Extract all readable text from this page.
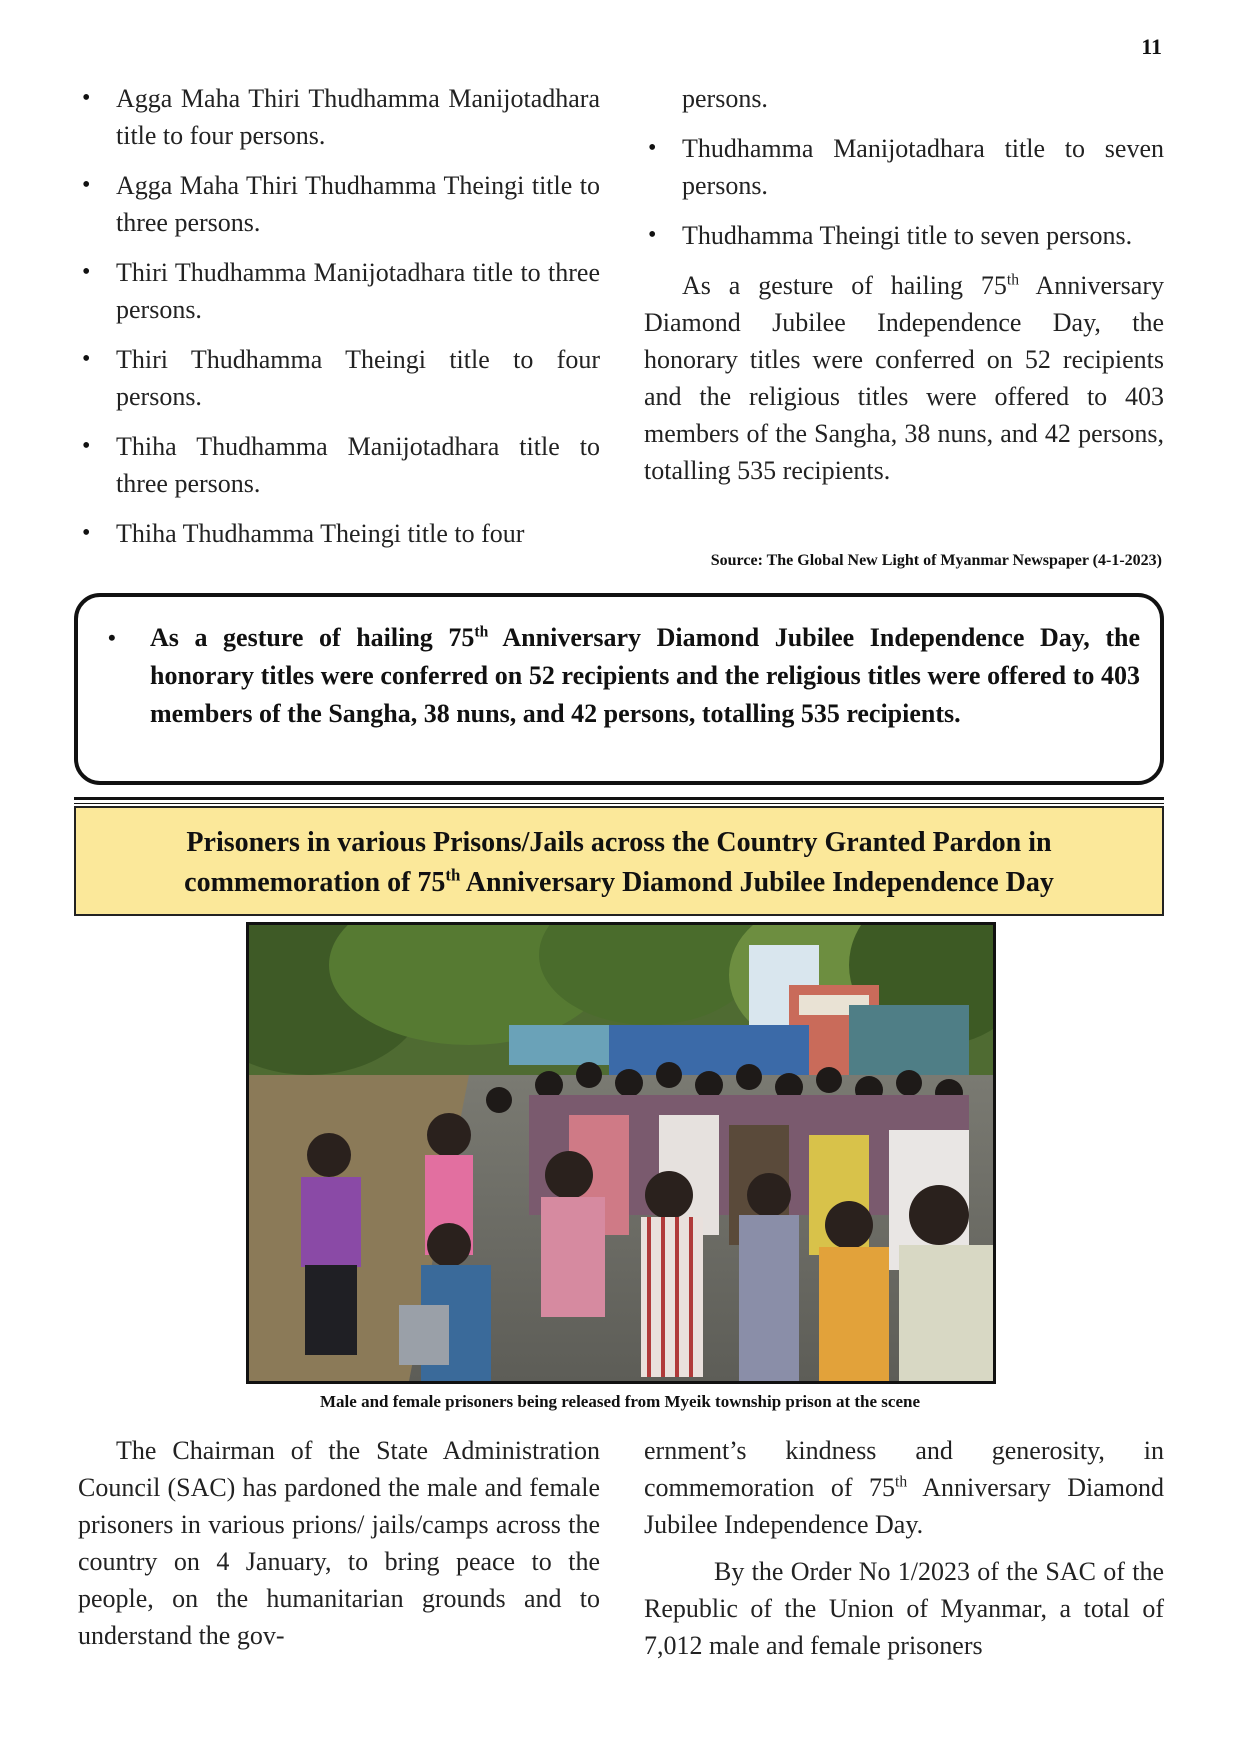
11
• Agga Maha Thiri Thudhamma Manijotadhara title to four persons.
• Agga Maha Thiri Thudhamma Theingi title to three persons.
• Thiri Thudhamma Manijotadhara title to three persons.
• Thiri Thudhamma Theingi title to four persons.
• Thiha Thudhamma Manijotadhara title to three persons.
• Thiha Thudhamma Theingi title to four
persons.
• Thudhamma Manijotadhara title to seven persons.
• Thudhamma Theingi title to seven persons.

As a gesture of hailing 75th Anniversary Diamond Jubilee Independence Day, the honorary titles were conferred on 52 recipients and the religious titles were offered to 403 members of the Sangha, 38 nuns, and 42 persons, totalling 535 recipients.

Source: The Global New Light of Myanmar Newspaper (4-1-2023)
• As a gesture of hailing 75th Anniversary Diamond Jubilee Independence Day, the honorary titles were conferred on 52 recipients and the religious titles were offered to 403 members of the Sangha, 38 nuns, and 42 persons, totalling 535 recipients.
Prisoners in various Prisons/Jails across the Country Granted Pardon in
commemoration of 75th Anniversary Diamond Jubilee Independence Day
Male and female prisoners being released from Myeik township prison at the scene

The Chairman of the State Administration Council (SAC) has pardoned the male and female prisoners in various prions/ jails/camps across the country on 4 January, to bring peace to the people, on the humanitarian grounds and to understand the gov-

ernment’s kindness and generosity, in commemoration of 75th Anniversary Diamond Jubilee Independence Day.

By the Order No 1/2023 of the SAC of the Republic of the Union of Myanmar, a total of 7,012 male and female prisoners
